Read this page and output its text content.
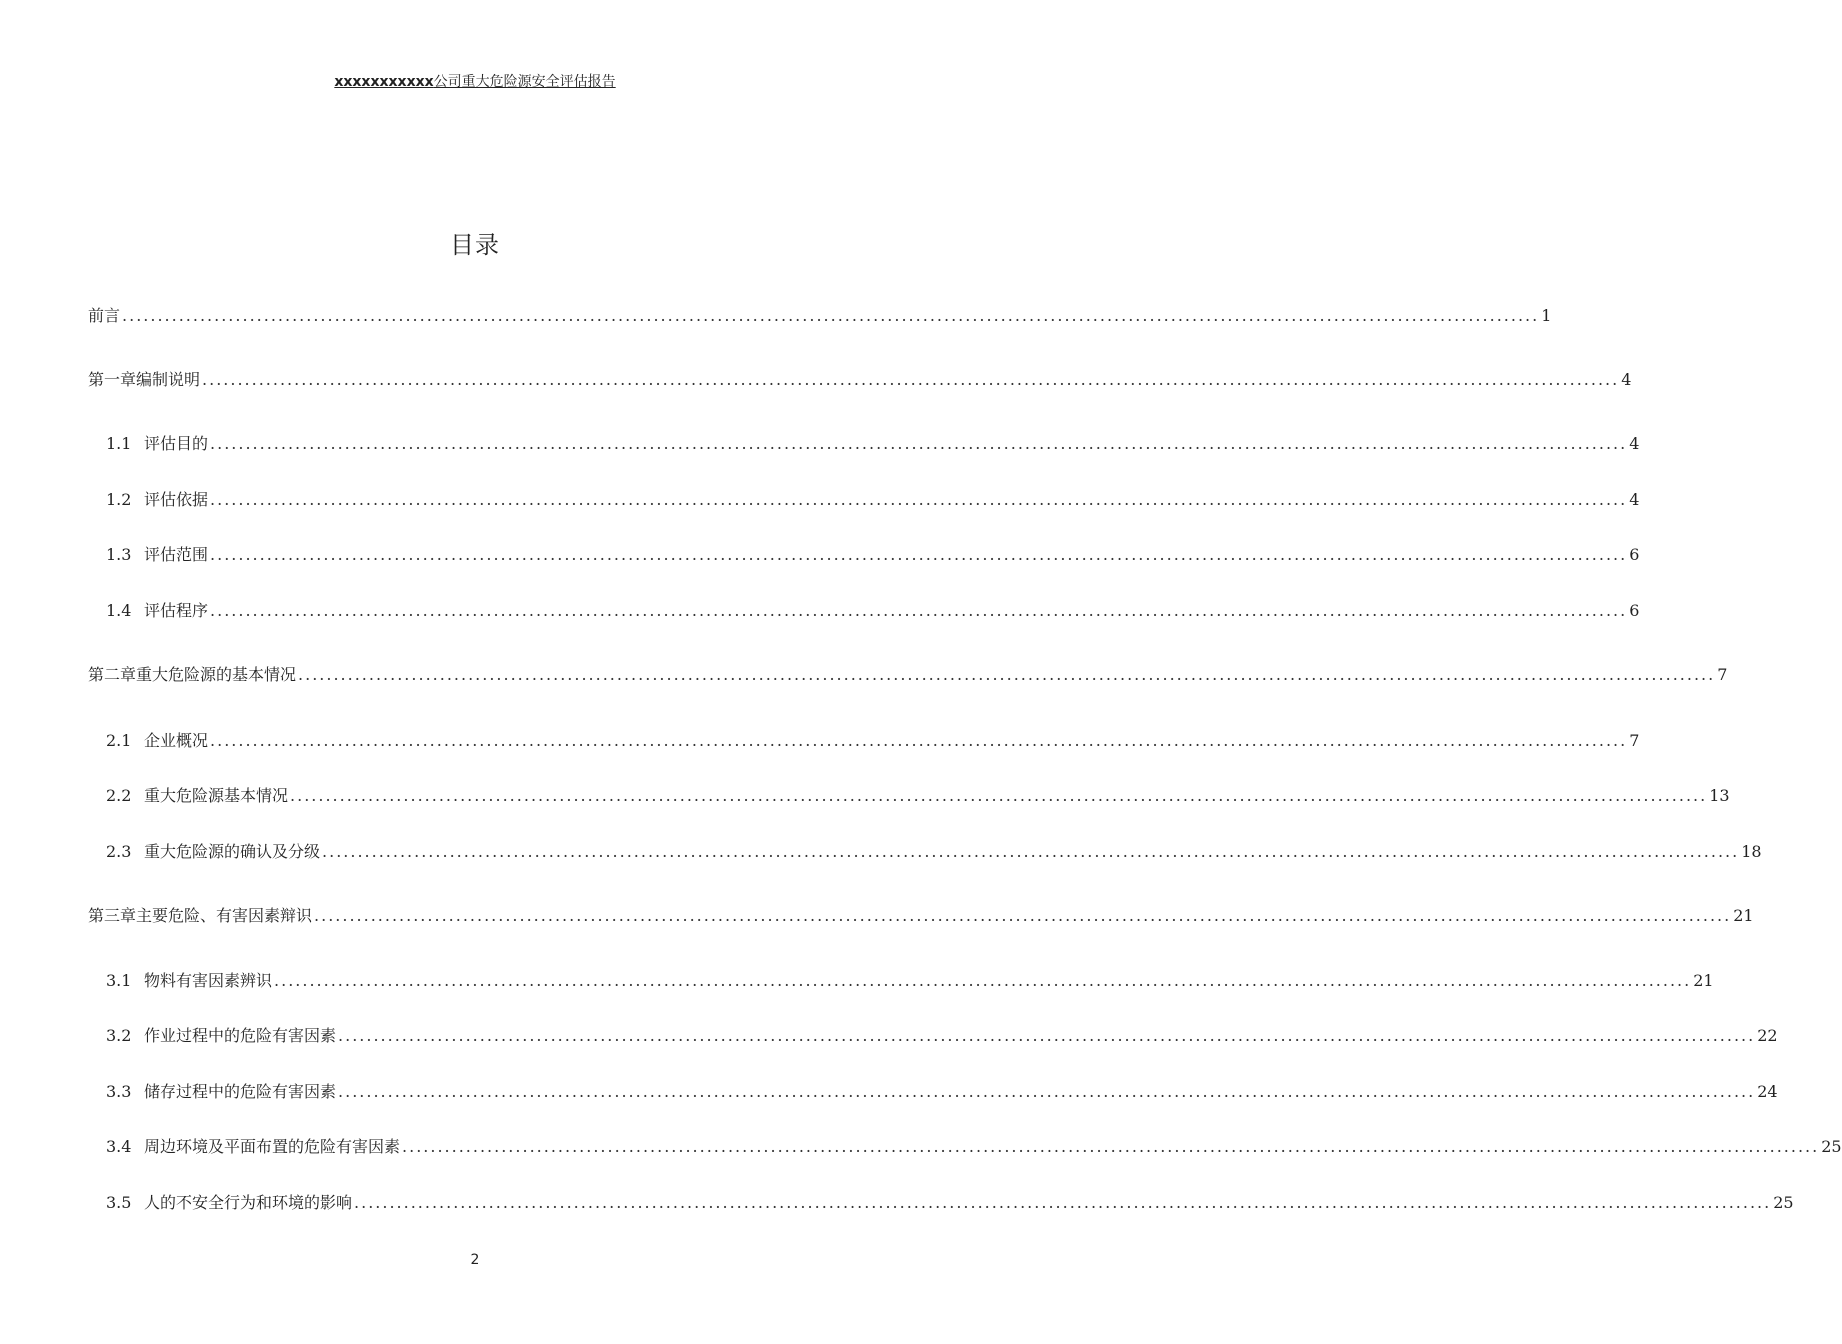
xxxxxxxxxxx公司重大危险源安全评估报告
目录
前言 ........................................................................................................................................................................................................ 1
第一章编制说明 ........................................................................................................................................................................................................ 4
1.1 评估目的 ........................................................................................................................................................................................................ 4
1.2 评估依据 ........................................................................................................................................................................................................ 4
1.3 评估范围 ........................................................................................................................................................................................................ 6
1.4 评估程序 ........................................................................................................................................................................................................ 6
第二章重大危险源的基本情况 ........................................................................................................................................................................................................ 7
2.1 企业概况 ........................................................................................................................................................................................................ 7
2.2 重大危险源基本情况 ........................................................................................................................................................................................................ 13
2.3 重大危险源的确认及分级 ........................................................................................................................................................................................................ 18
第三章主要危险、有害因素辩识 ........................................................................................................................................................................................................ 21
3.1 物料有害因素辨识 ........................................................................................................................................................................................................ 21
3.2 作业过程中的危险有害因素 ........................................................................................................................................................................................................ 22
3.3 储存过程中的危险有害因素 ........................................................................................................................................................................................................ 24
3.4 周边环境及平面布置的危险有害因素 ........................................................................................................................................................................................................ 25
3.5 人的不安全行为和环境的影响 ........................................................................................................................................................................................................ 25
2
